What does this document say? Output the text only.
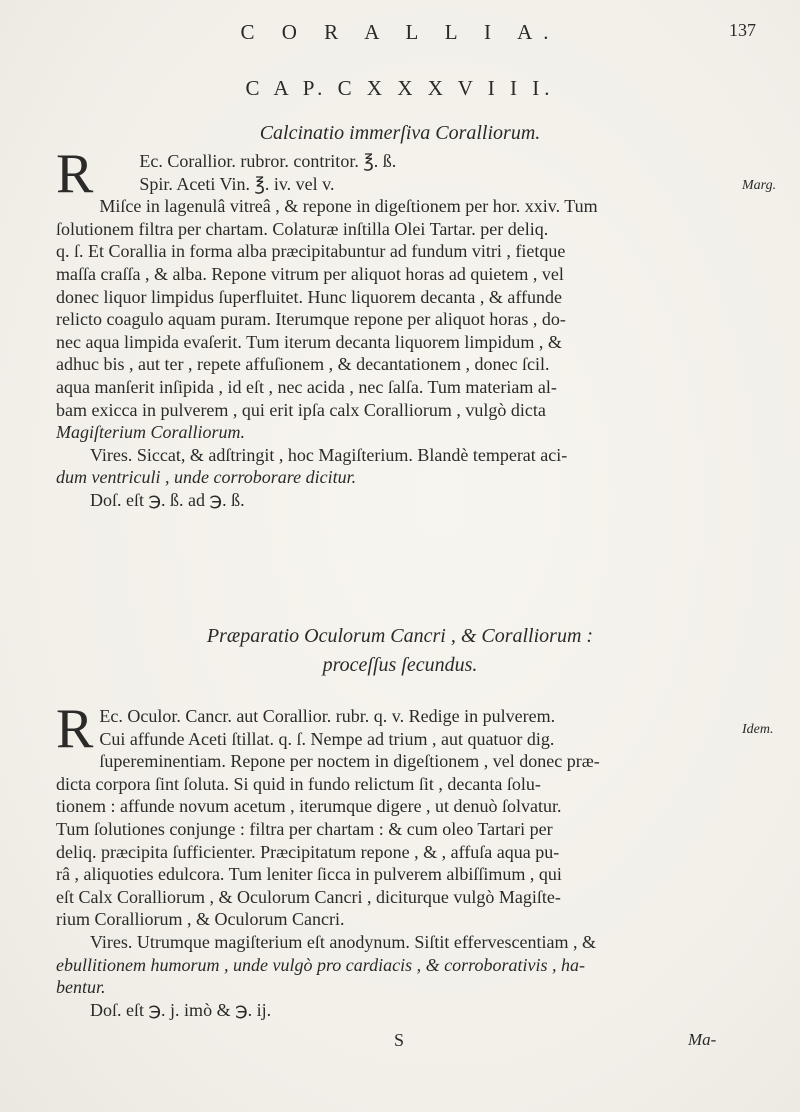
C O R A L L I A.	137
C A P. C X X X V I I I.
Calcinatio immerſiva Coralliorum.
Marg.
R	Ec. Corallior. rubror. contritor. ℥. ß.
Spir. Aceti Vin. ℥. iv. vel v.
Miſce in lagenulâ vitreâ , & repone in digeſtionem per hor. xxiv. Tum
ſolutionem filtra per chartam. Colaturæ inſtilla Olei Tartar. per deliq.
q. ſ. Et Corallia in forma alba præcipitabuntur ad fundum vitri , fietque
maſſa craſſa , & alba. Repone vitrum per aliquot horas ad quietem , vel
donec liquor limpidus ſuperfluitet. Hunc liquorem decanta , & affunde
relicto coagulo aquam puram. Iterumque repone per aliquot horas , do-
nec aqua limpida evaſerit. Tum iterum decanta liquorem limpidum , &
adhuc bis , aut ter , repete affuſionem , & decantationem , donec ſcil.
aqua manſerit inſipida , id eſt , nec acida , nec ſalſa. Tum materiam al-
bam exicca in pulverem , qui erit ipſa calx Coralliorum , vulgò dicta
Magiſterium Coralliorum.
Vires. Siccat, & adſtringit , hoc Magiſterium. Blandè temperat aci-
dum ventriculi , unde corroborare dicitur.
Doſ. eſt ℈. ß. ad ℈. ß.
Præparatio Oculorum Cancri , & Coralliorum :
proceſſus ſecundus.
Idem.
R Ec. Oculor. Cancr. aut Corallior. rubr. q. v. Redige in pulverem.
Cui affunde Aceti ſtillat. q. ſ. Nempe ad trium , aut quatuor dig.
ſupereminentiam. Repone per noctem in digeſtionem , vel donec præ-
dicta corpora ſint ſoluta. Si quid in fundo relictum ſit , decanta ſolu-
tionem : affunde novum acetum , iterumque digere , ut denuò ſolvatur.
Tum ſolutiones conjunge : filtra per chartam : & cum oleo Tartari per
deliq. præcipita ſufficienter. Præcipitatum repone , & , affuſa aqua pu-
râ , aliquoties edulcora. Tum leniter ſicca in pulverem albiſſimum , qui
eſt Calx Coralliorum , & Oculorum Cancri , diciturque vulgò Magiſte-
rium Coralliorum , & Oculorum Cancri.
Vires. Utrumque magiſterium eſt anodynum. Siſtit effervescentiam , &
ebullitionem humorum , unde vulgò pro cardiacis , & corroborativis , ha-
bentur.
Doſ. eſt ℈. j. imò & ℈. ij.
S	Ma-
